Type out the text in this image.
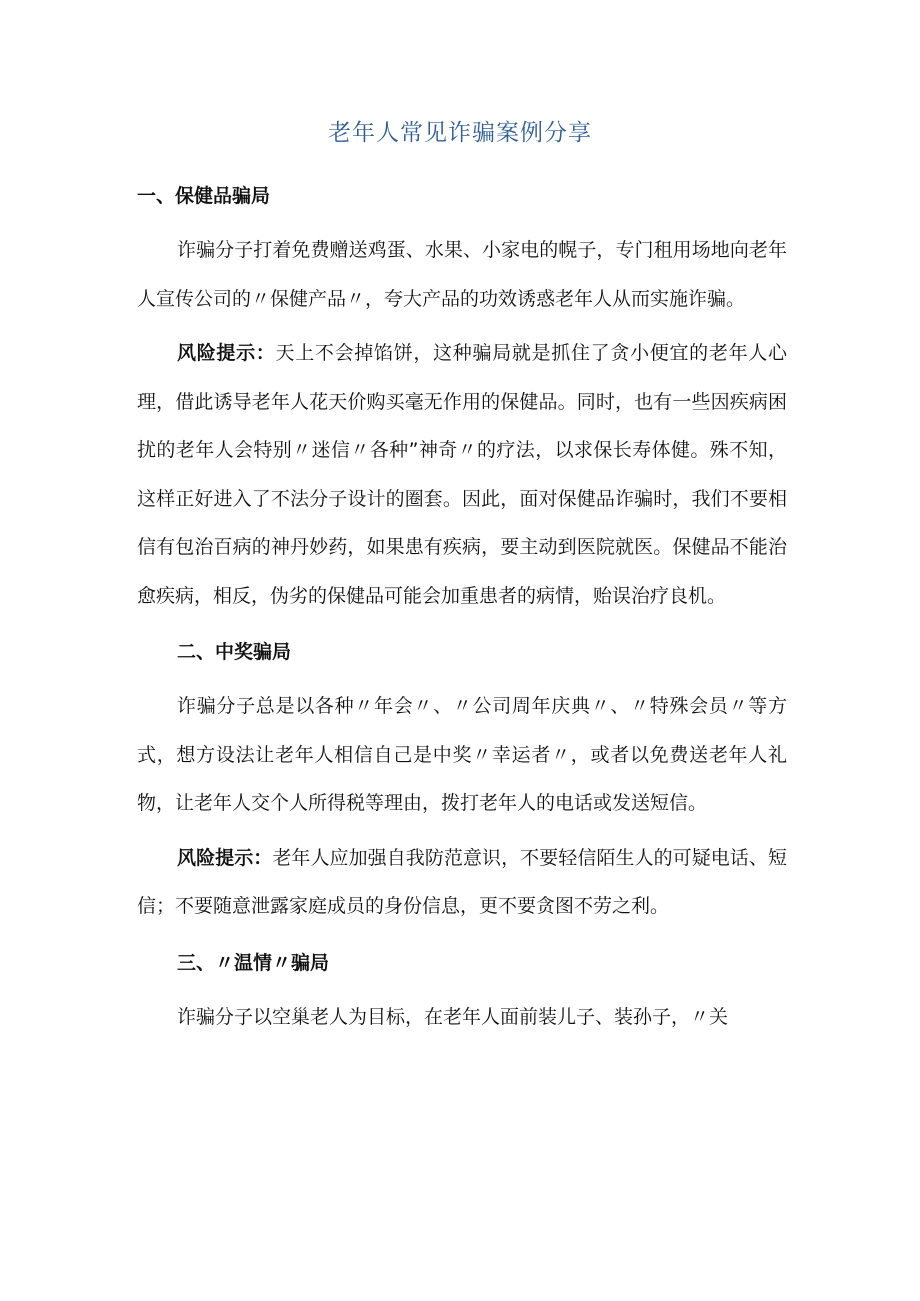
老年人常见诈骗案例分享
一、保健品骗局

诈骗分子打着免费赠送鸡蛋、水果、小家电的幌子，专门租用场地向老年人宣传公司的〃保健产品〃，夸大产品的功效诱惑老年人从而实施诈骗。

风险提示：天上不会掉馅饼，这种骗局就是抓住了贪小便宜的老年人心理，借此诱导老年人花天价购买毫无作用的保健品。同时，也有一些因疾病困扰的老年人会特别〃迷信〃各种”神奇〃的疗法，以求保长寿体健。殊不知，这样正好进入了不法分子设计的圈套。因此，面对保健品诈骗时，我们不要相信有包治百病的神丹妙药，如果患有疾病，要主动到医院就医。保健品不能治愈疾病，相反，伪劣的保健品可能会加重患者的病情，贻误治疗良机。

二、中奖骗局

诈骗分子总是以各种〃年会〃、〃公司周年庆典〃、〃特殊会员〃等方式，想方设法让老年人相信自己是中奖〃幸运者〃，或者以免费送老年人礼物，让老年人交个人所得税等理由，拨打老年人的电话或发送短信。

风险提示：老年人应加强自我防范意识，不要轻信陌生人的可疑电话、短信；不要随意泄露家庭成员的身份信息，更不要贪图不劳之利。

三、〃温情〃骗局

诈骗分子以空巢老人为目标，在老年人面前装儿子、装孙子，〃关
